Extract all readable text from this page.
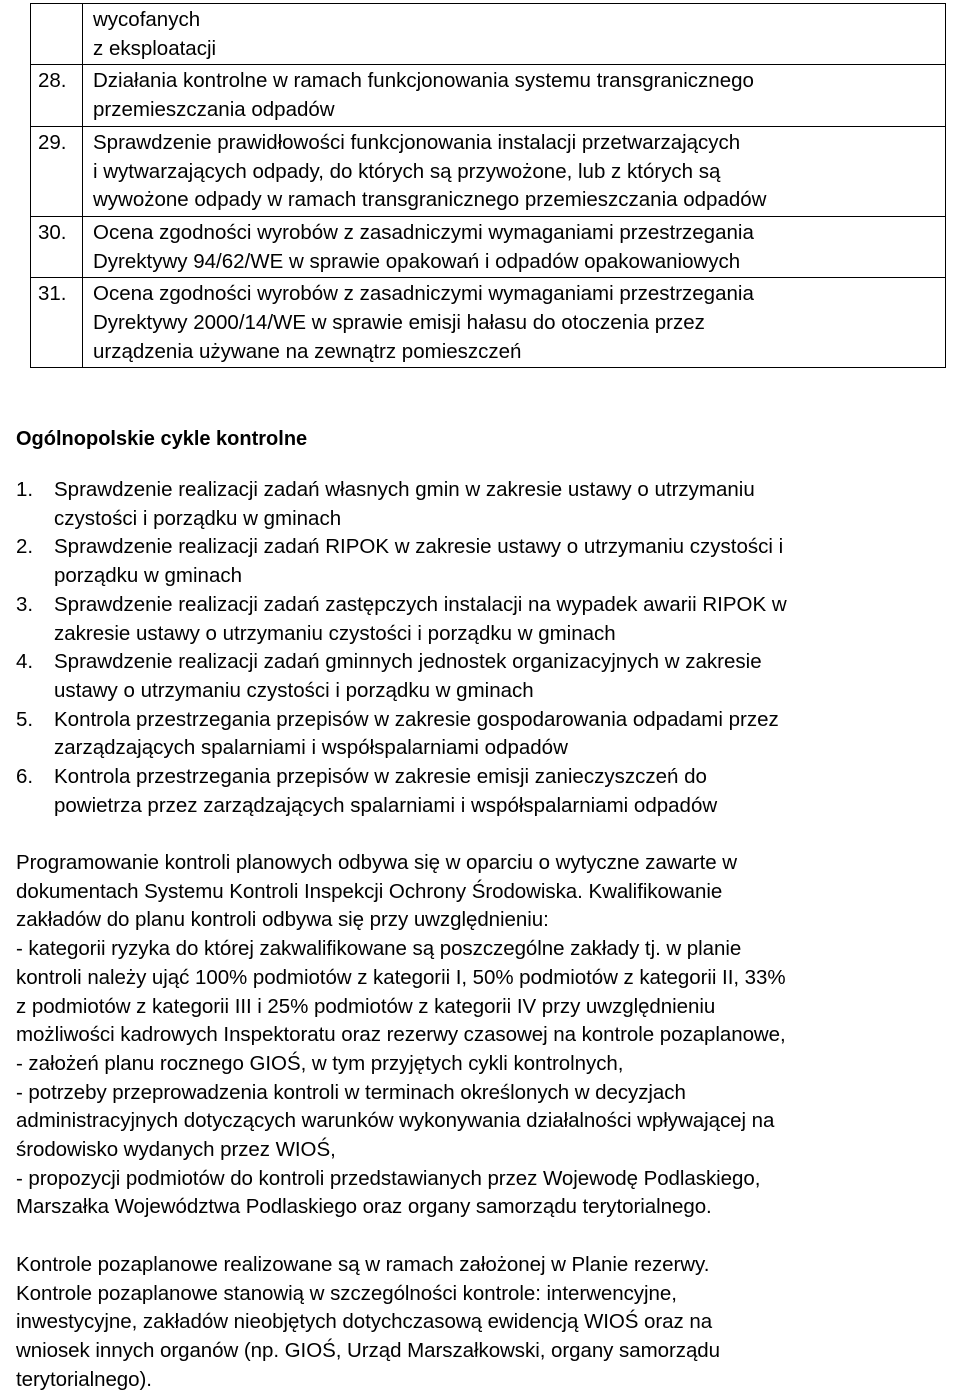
	wycofanych
z eksploatacji

28.	Działania kontrolne w ramach funkcjonowania systemu transgranicznego
przemieszczania odpadów

29.	Sprawdzenie prawidłowości funkcjonowania instalacji przetwarzających
i wytwarzających odpady, do których są przywożone, lub z których są
wywożone odpady w ramach transgranicznego przemieszczania odpadów

30.	Ocena zgodności wyrobów z zasadniczymi wymaganiami przestrzegania
Dyrektywy 94/62/WE w sprawie opakowań i odpadów opakowaniowych

31.	Ocena zgodności wyrobów z zasadniczymi wymaganiami przestrzegania
Dyrektywy 2000/14/WE w sprawie emisji hałasu do otoczenia przez
urządzenia używane na zewnątrz pomieszczeń
Ogólnopolskie cykle kontrolne
1.	Sprawdzenie realizacji zadań własnych gmin w zakresie ustawy o utrzymaniu
czystości i porządku w gminach
2.	Sprawdzenie realizacji zadań RIPOK w zakresie ustawy o utrzymaniu czystości i
porządku w gminach
3.	Sprawdzenie realizacji zadań zastępczych instalacji na wypadek awarii RIPOK w
zakresie ustawy o utrzymaniu czystości i porządku w gminach
4.	Sprawdzenie realizacji zadań gminnych jednostek organizacyjnych w zakresie
ustawy o utrzymaniu czystości i porządku w gminach
5.	Kontrola przestrzegania przepisów w zakresie gospodarowania odpadami przez
zarządzających spalarniami i współspalarniami odpadów
6.	Kontrola przestrzegania przepisów w zakresie emisji zanieczyszczeń do
powietrza przez zarządzających spalarniami i współspalarniami odpadów

Programowanie kontroli planowych odbywa się w oparciu o wytyczne zawarte w
dokumentach Systemu Kontroli Inspekcji Ochrony Środowiska. Kwalifikowanie
zakładów do planu kontroli odbywa się przy uwzględnieniu:
- kategorii ryzyka do której zakwalifikowane są poszczególne zakłady tj. w planie
kontroli należy ująć 100% podmiotów z kategorii I, 50% podmiotów z kategorii II, 33%
z podmiotów z kategorii III i 25% podmiotów z kategorii IV przy uwzględnieniu
możliwości kadrowych Inspektoratu oraz rezerwy czasowej na kontrole pozaplanowe,
- założeń planu rocznego GIOŚ, w tym przyjętych cykli kontrolnych,
- potrzeby przeprowadzenia kontroli w terminach określonych w decyzjach
administracyjnych dotyczących warunków wykonywania działalności wpływającej na
środowisko wydanych przez WIOŚ,
- propozycji podmiotów do kontroli przedstawianych przez Wojewodę Podlaskiego,
Marszałka Województwa Podlaskiego oraz organy samorządu terytorialnego.

Kontrole pozaplanowe realizowane są w ramach założonej w Planie rezerwy.
Kontrole pozaplanowe stanowią w szczególności kontrole: interwencyjne,
inwestycyjne, zakładów nieobjętych dotychczasową ewidencją WIOŚ oraz na
wniosek innych organów (np. GIOŚ, Urząd Marszałkowski, organy samorządu
terytorialnego).
